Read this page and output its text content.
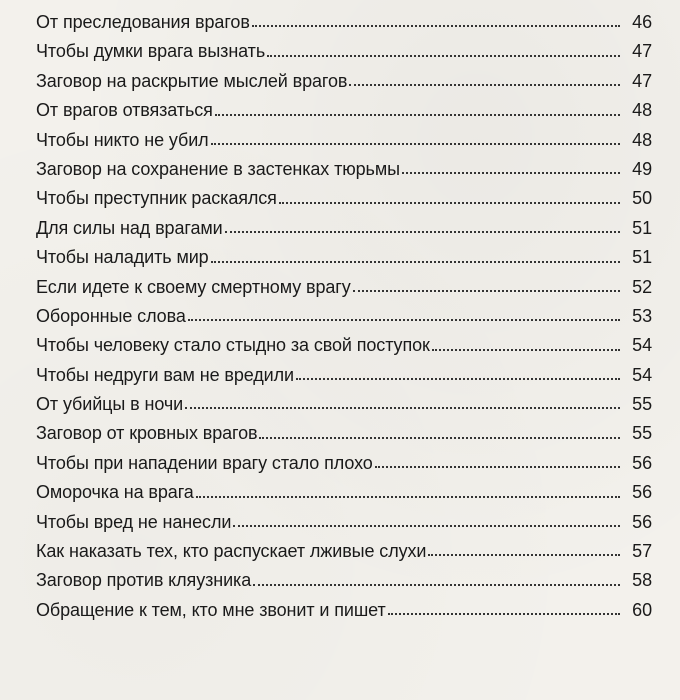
От преследования врагов	46
Чтобы думки врага вызнать	47
Заговор на раскрытие мыслей врагов	47
От врагов отвязаться	48
Чтобы никто не убил	48
Заговор на сохранение в застенках тюрьмы	49
Чтобы преступник раскаялся	50
Для силы над врагами	51
Чтобы наладить мир	51
Если идете к своему смертному врагу	52
Оборонные слова	53
Чтобы человеку стало стыдно за свой поступок	54
Чтобы недруги вам не вредили	54
От убийцы в ночи	55
Заговор от кровных врагов	55
Чтобы при нападении врагу стало плохо	56
Оморочка на врага	56
Чтобы вред не нанесли	56
Как наказать тех, кто распускает лживые слухи	57
Заговор против кляузника	58
Обращение к тем, кто мне звонит и пишет	60
